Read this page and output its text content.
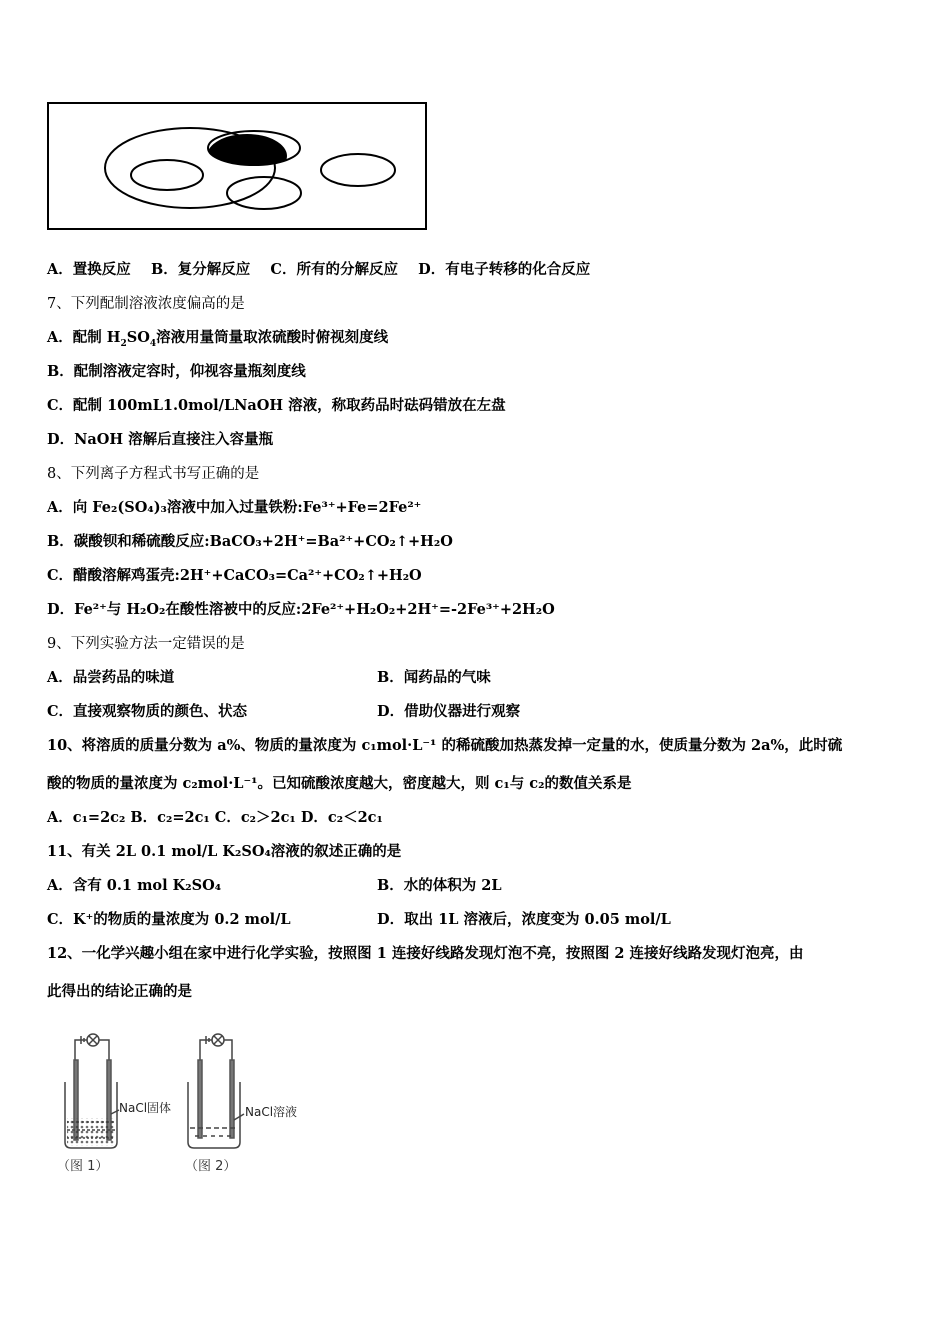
A．置换反应 B．复分解反应 C．所有的分解反应 D．有电子转移的化合反应
7、下列配制溶液浓度偏高的是
A．配制 $H_2SO_4$溶液用量筒量取浓硫酸时俯视刻度线
B．配制溶液定容时，仰视容量瓶刻度线
C．配制 100mL1.0mol/LNaOH 溶液，称取药品时砝码错放在左盘
D．NaOH 溶解后直接注入容量瓶
8、下列离子方程式书写正确的是
A．向 Fe₂(SO₄)₃溶液中加入过量铁粉:Fe³⁺+Fe=2Fe²⁺
B．碳酸钡和稀硫酸反应:BaCO₃+2H⁺=Ba²⁺+CO₂↑+H₂O
C．醋酸溶解鸡蛋壳:2H⁺+CaCO₃=Ca²⁺+CO₂↑+H₂O
D．Fe²⁺与 H₂O₂在酸性溶被中的反应:2Fe²⁺+H₂O₂+2H⁺=-2Fe³⁺+2H₂O
9、下列实验方法一定错误的是
A．品尝药品的味道	B．闻药品的气味
C．直接观察物质的颜色、状态	D．借助仪器进行观察
10、将溶质的质量分数为 a%、物质的量浓度为 c₁mol·L⁻¹ 的稀硫酸加热蒸发掉一定量的水，使质量分数为 2a%，此时硫
酸的物质的量浓度为 c₂mol·L⁻¹。已知硫酸浓度越大，密度越大，则 c₁与 c₂的数值关系是
A．c₁=2c₂ B．c₂=2c₁ C．c₂＞2c₁ D．c₂＜2c₁
11、有关 2L 0.1 mol/L K₂SO₄溶液的叙述正确的是
A．含有 0.1 mol K₂SO₄	B．水的体积为 2L
C．K⁺的物质的量浓度为 0.2 mol/L	D．取出 1L 溶液后，浓度变为 0.05 mol/L
12、一化学兴趣小组在家中进行化学实验，按照图 1 连接好线路发现灯泡不亮，按照图 2 连接好线路发现灯泡亮，由
此得出的结论正确的是
NaCl固体
（图 1）
NaCl溶液
（图 2）
